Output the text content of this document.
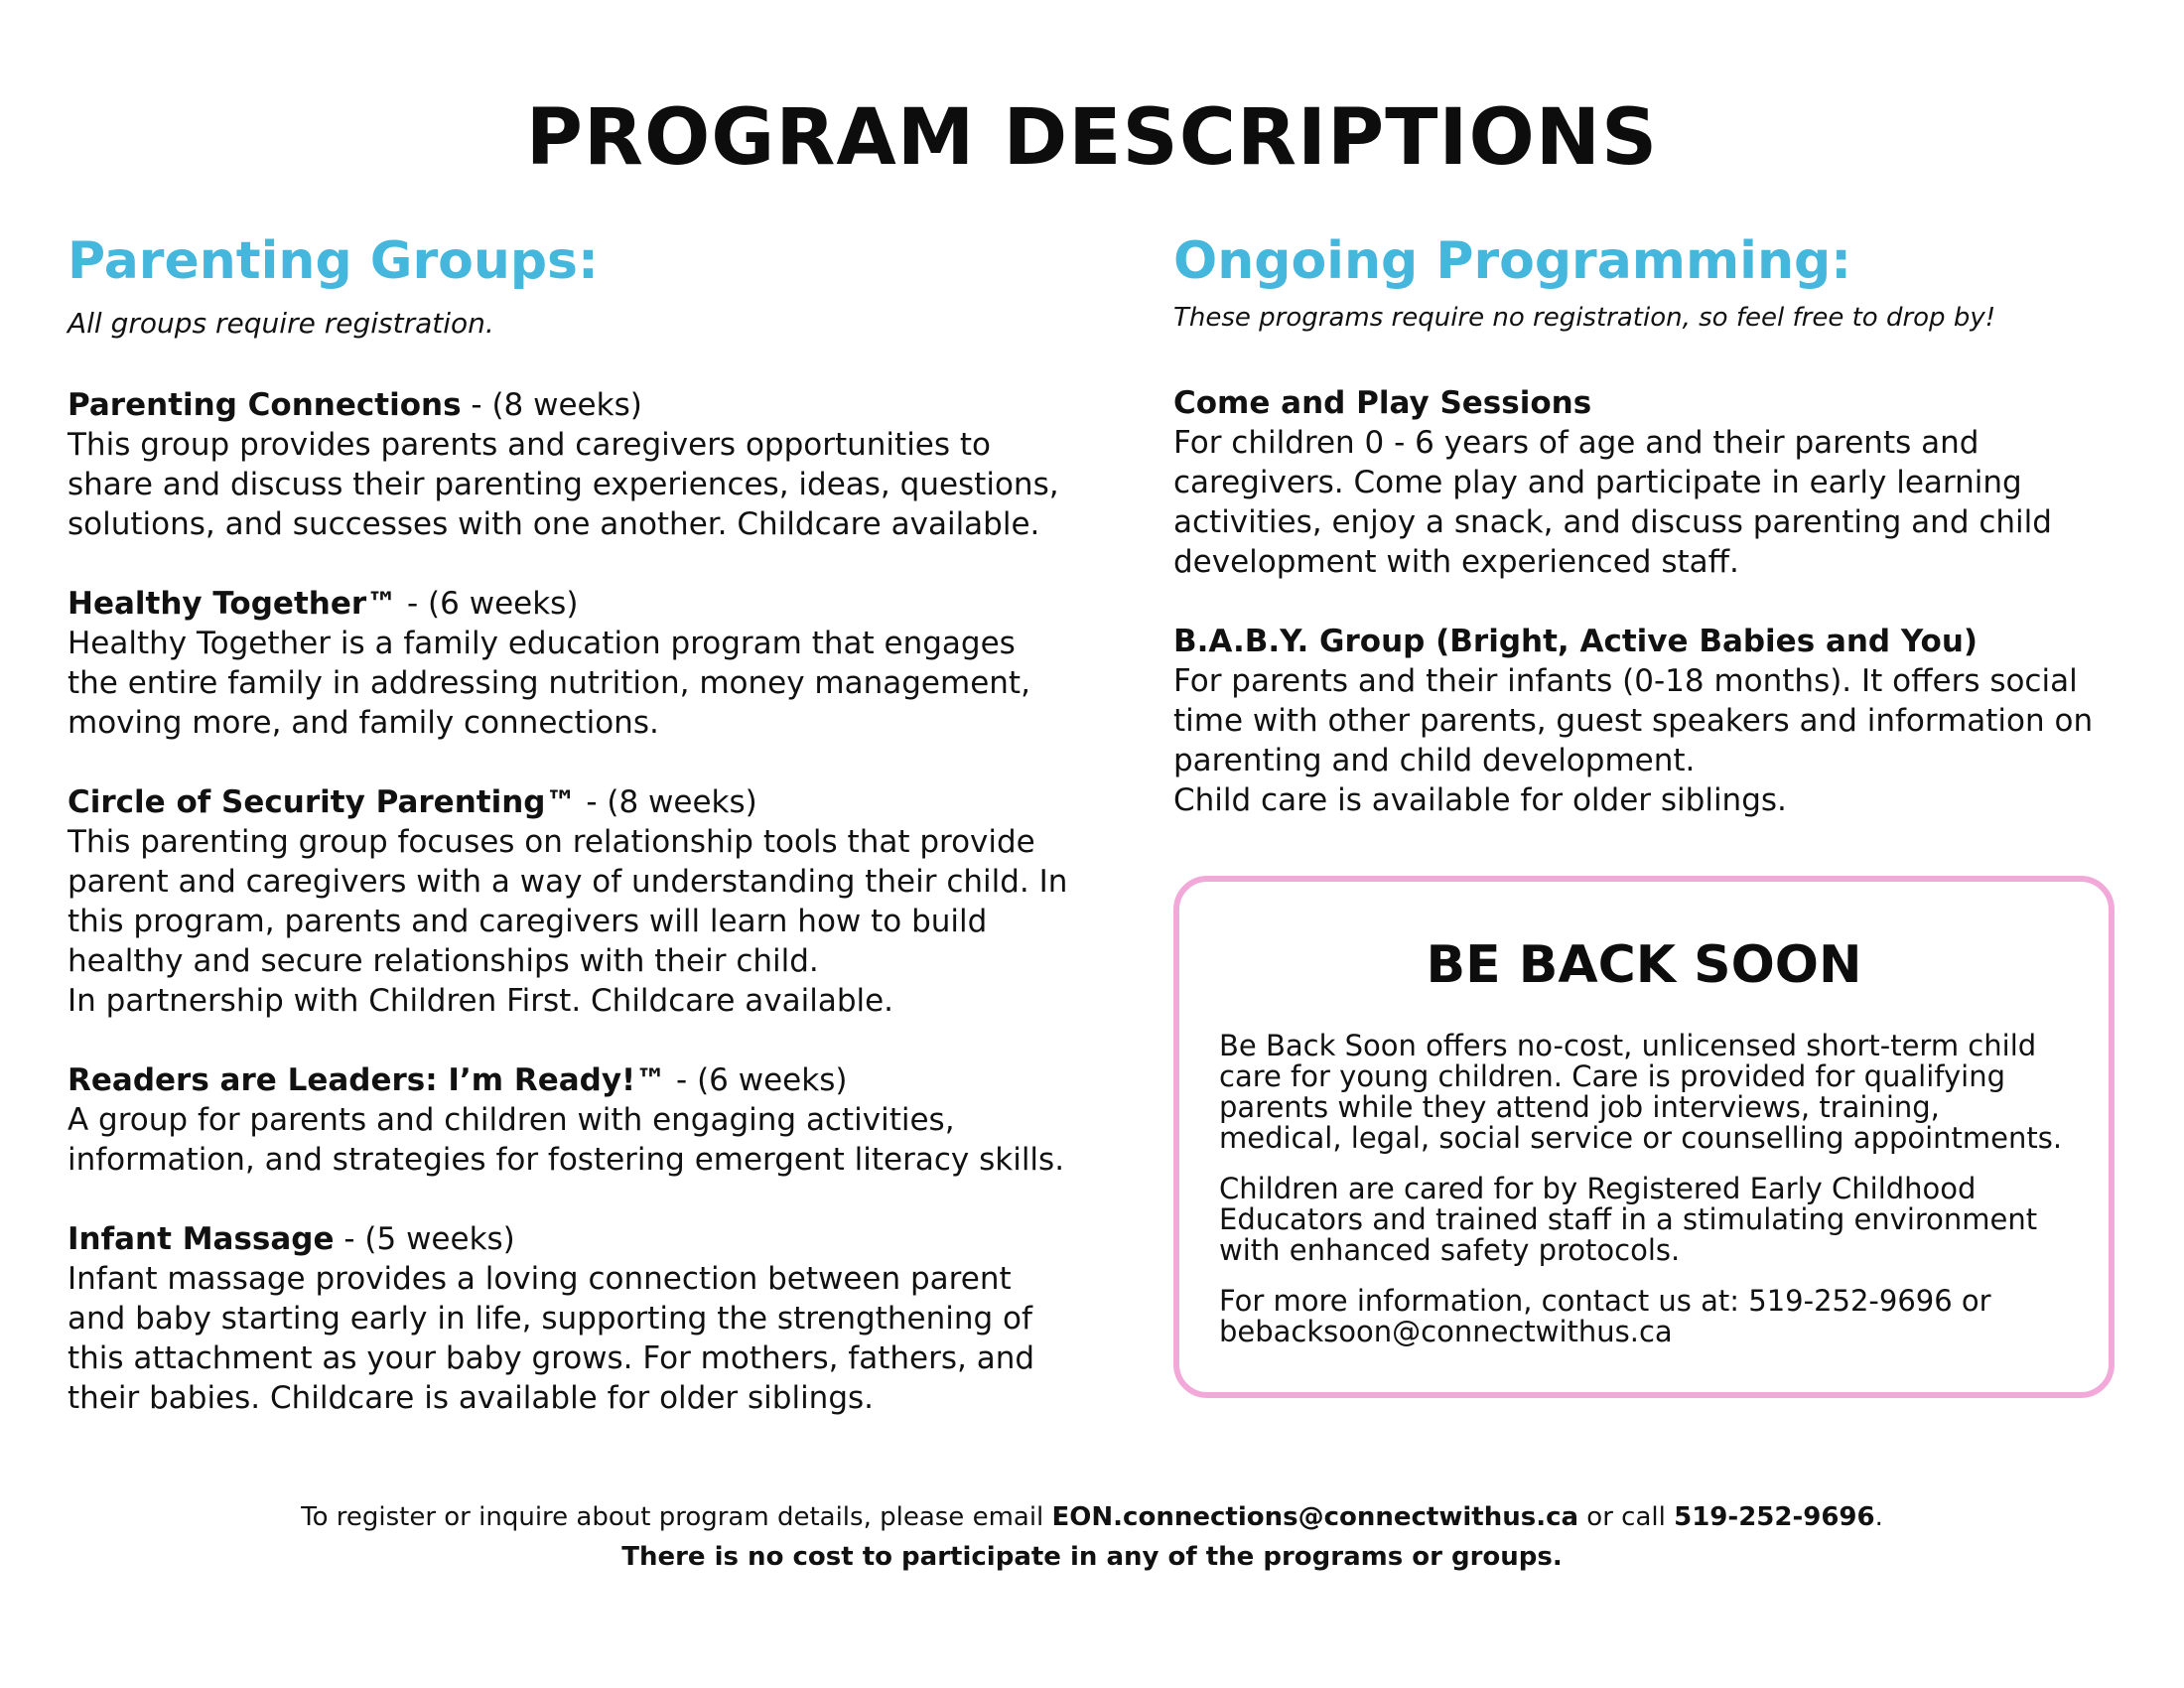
PROGRAM DESCRIPTIONS
Parenting Groups:

All groups require registration.

Parenting Connections - (8 weeks)

This group provides parents and caregivers opportunities to
share and discuss their parenting experiences, ideas, questions,
solutions, and successes with one another. Childcare available.

Healthy Together™ - (6 weeks)

Healthy Together is a family education program that engages
the entire family in addressing nutrition, money management,
moving more, and family connections.

Circle of Security Parenting™ - (8 weeks)

This parenting group focuses on relationship tools that provide
parent and caregivers with a way of understanding their child. In
this program, parents and caregivers will learn how to build
healthy and secure relationships with their child.
In partnership with Children First. Childcare available.

Readers are Leaders: I’m Ready!™ - (6 weeks)

A group for parents and children with engaging activities,
information, and strategies for fostering emergent literacy skills.

Infant Massage - (5 weeks)

Infant massage provides a loving connection between parent
and baby starting early in life, supporting the strengthening of
this attachment as your baby grows. For mothers, fathers, and
their babies. Childcare is available for older siblings.

Ongoing Programming:

These programs require no registration, so feel free to drop by!

Come and Play Sessions

For children 0 - 6 years of age and their parents and
caregivers. Come play and participate in early learning
activities, enjoy a snack, and discuss parenting and child
development with experienced staff.

B.A.B.Y. Group (Bright, Active Babies and You)

For parents and their infants (0-18 months). It offers social
time with other parents, guest speakers and information on
parenting and child development.
Child care is available for older siblings.

BE BACK SOON

Be Back Soon offers no-cost, unlicensed short-term child
care for young children. Care is provided for qualifying
parents while they attend job interviews, training,
medical, legal, social service or counselling appointments.

Children are cared for by Registered Early Childhood
Educators and trained staff in a stimulating environment
with enhanced safety protocols.

For more information, contact us at: 519-252-9696 or
bebacksoon@connectwithus.ca

To register or inquire about program details, please email EON.connections@connectwithus.ca or call 519-252-9696.

There is no cost to participate in any of the programs or groups.
